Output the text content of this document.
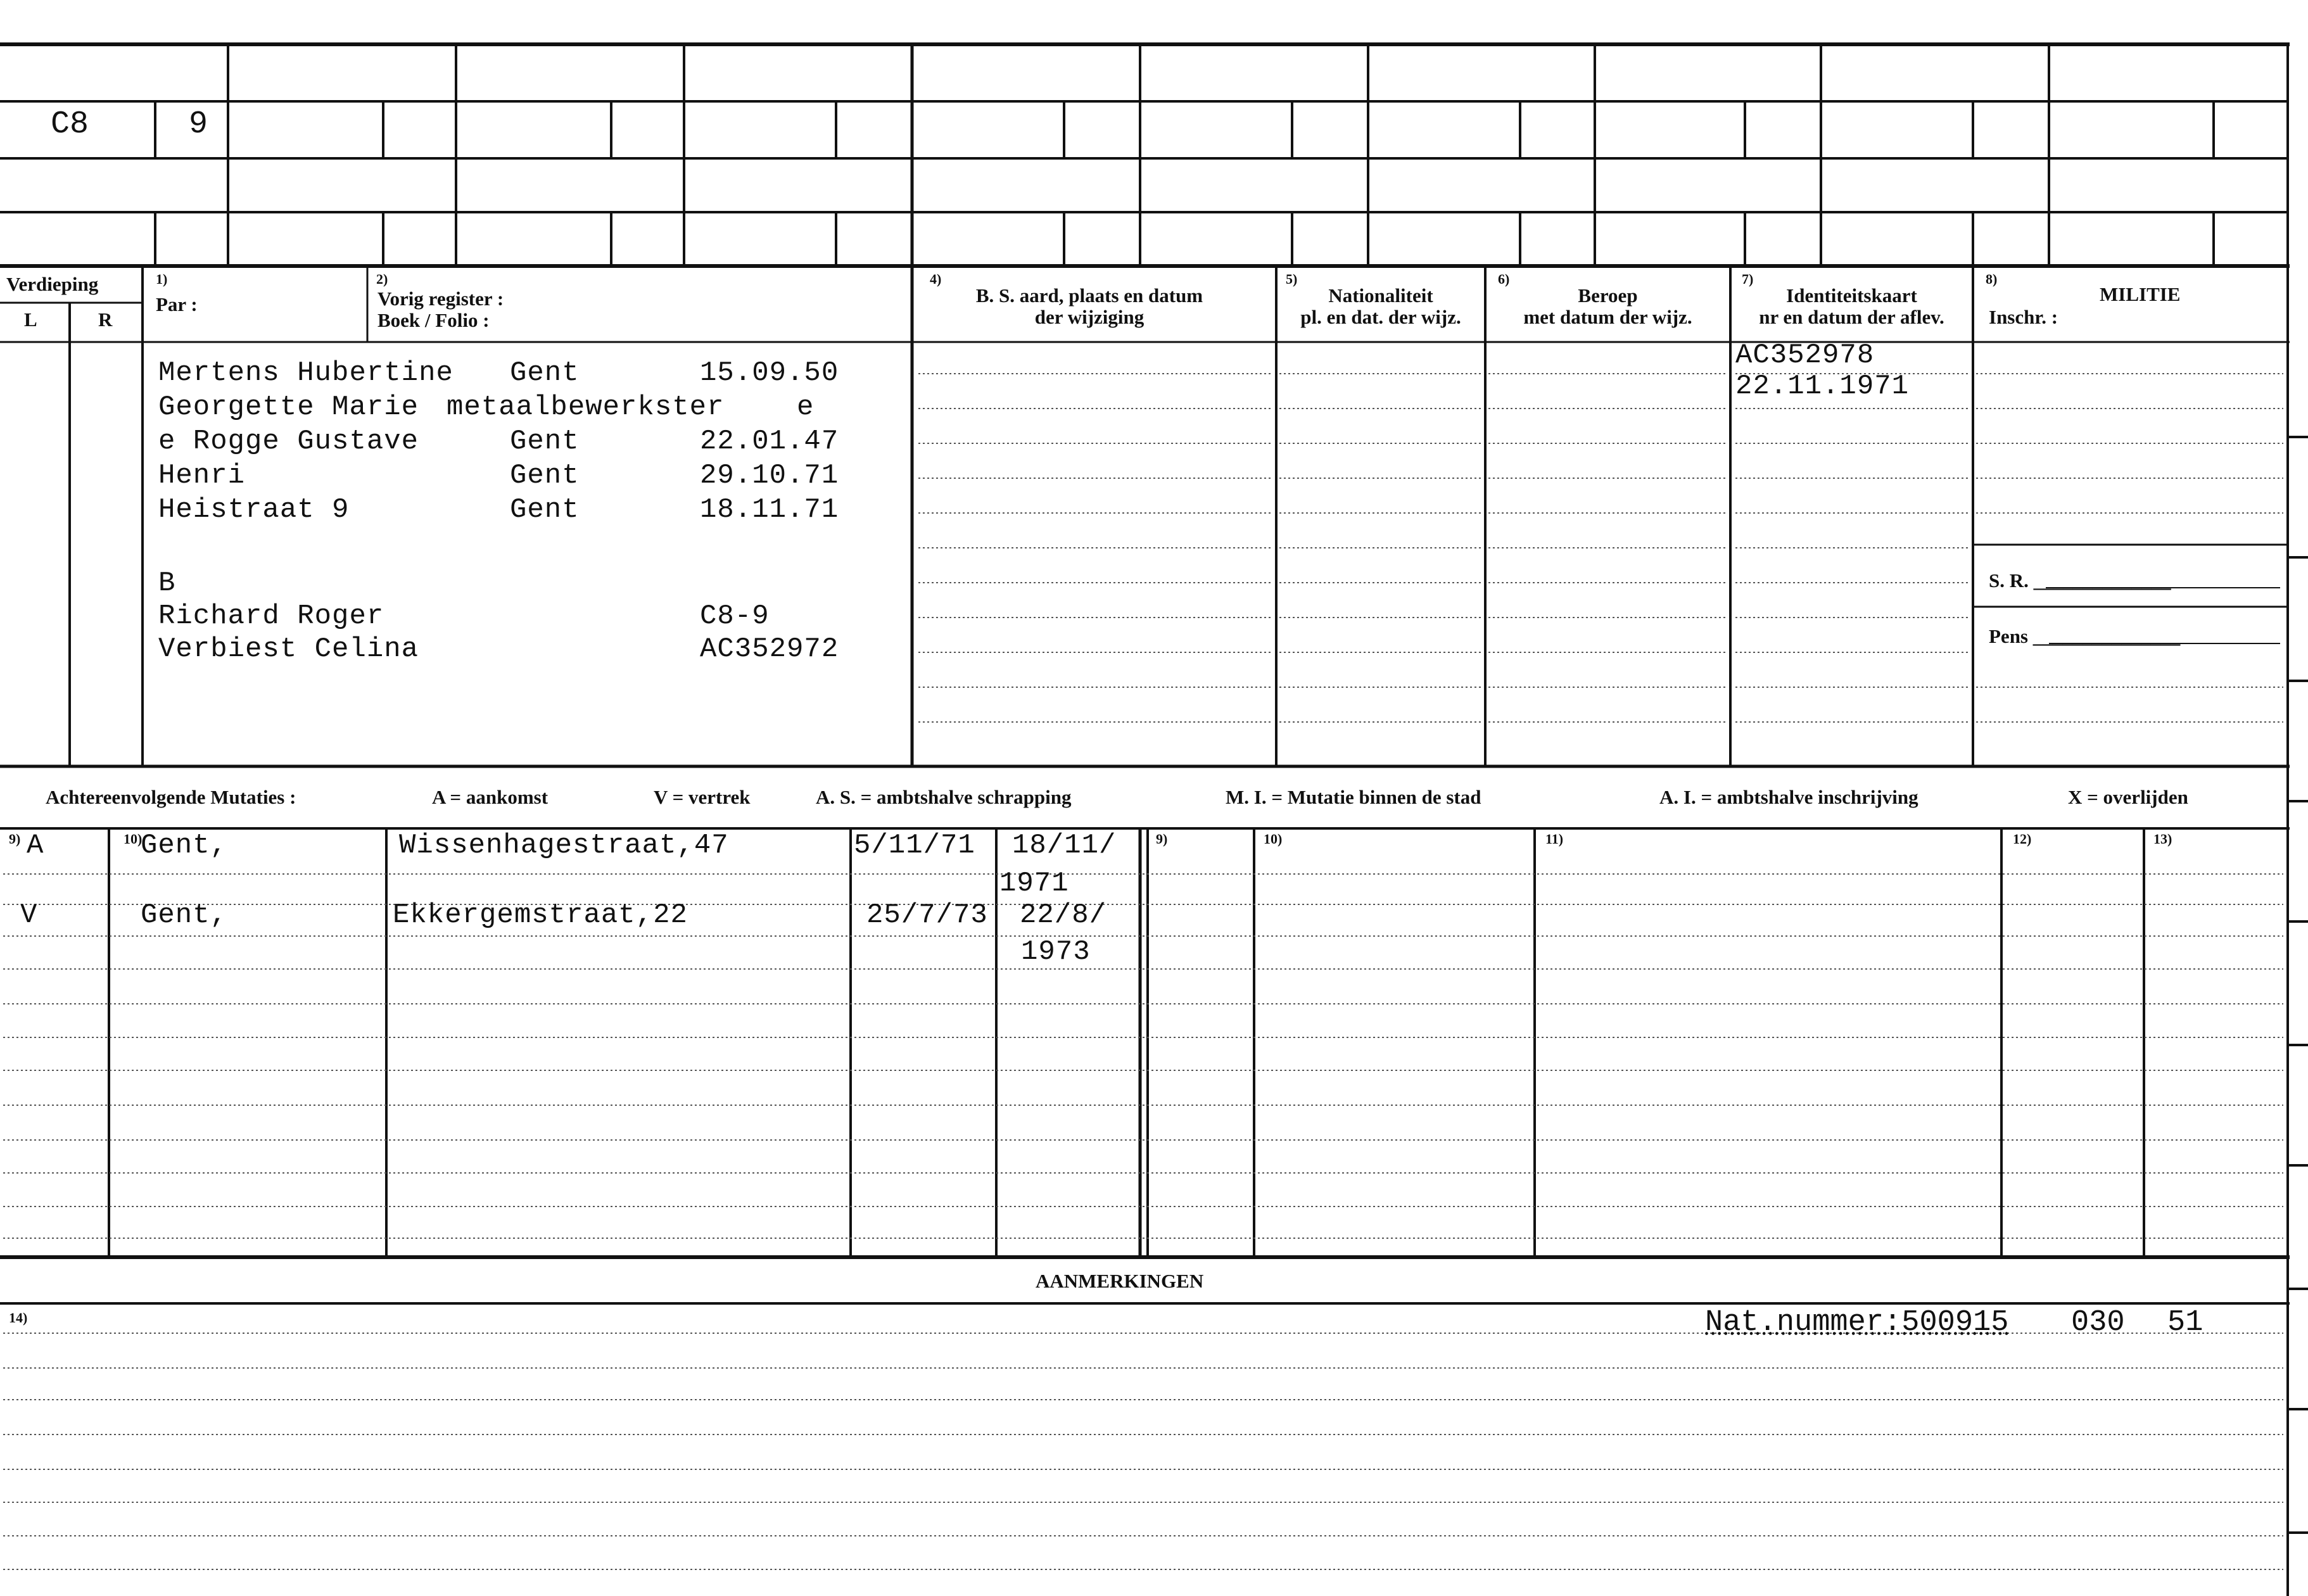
C8	9
Verdieping
L	R
1)
Par :
2)
Vorig register :
Boek / Folio :
4)
B. S. aard, plaats en datum
der wijziging
5)
Nationaliteit
pl. en dat. der wijz.
6)
Beroep
met datum der wijz.
7)
Identiteitskaart
nr en datum der aflev.
8)
MILITIE
Inschr. :
Mertens Hubertine Gent	15.09.50
Georgette Marie metaalbewerkster	e
e Rogge Gustave	Gent	22.01.47
Henri	Gent	29.10.71
Heistraat 9	Gent	18.11.71
B
Richard Roger	C8-9
Verbiest Celina	AC352972
AC352978
22.11.1971
S. R. ______________
Pens _______________
Achtereenvolgende Mutaties :	A = aankomst	V = vertrek	A. S. = ambtshalve schrapping	M. I. = Mutatie binnen de stad	A. I. = ambtshalve inschrijving	X = overlijden
9)	10)	9)	10)	11)	12)	13)
A	Gent,	Wissenhagestraat,47	5/11/71 18/11/
1971
V	Gent,	Ekkergemstraat,22	25/7/73 22/8/
1973
AANMERKINGEN
14)	Nat.nummer:500915 030 51
